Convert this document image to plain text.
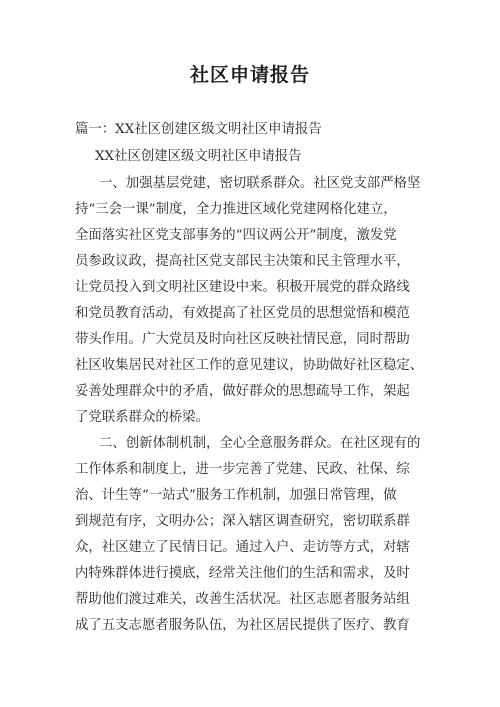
社区申请报告
篇一：XX社区创建区级文明社区申请报告
XX社区创建区级文明社区申请报告
一、加强基层党建，密切联系群众。社区党支部严格坚
持“三会一课”制度，全力推进区域化党建网格化建立，
全面落实社区党支部事务的“四议两公开”制度，激发党
员参政议政，提高社区党支部民主决策和民主管理水平，
让党员投入到文明社区建设中来。积极开展党的群众路线
和党员教育活动，有效提高了社区党员的思想觉悟和模范
带头作用。广大党员及时向社区反映社情民意，同时帮助
社区收集居民对社区工作的意见建议，协助做好社区稳定、
妥善处理群众中的矛盾，做好群众的思想疏导工作，架起
了党联系群众的桥梁。
二、创新体制机制，全心全意服务群众。在社区现有的
工作体系和制度上，进一步完善了党建、民政、社保、综
治、计生等“一站式”服务工作机制，加强日常管理，做
到规范有序，文明办公；深入辖区调查研究，密切联系群
众，社区建立了民情日记。通过入户、走访等方式，对辖
内特殊群体进行摸底，经常关注他们的生活和需求，及时
帮助他们渡过难关，改善生活状况。社区志愿者服务站组
成了五支志愿者服务队伍，为社区居民提供了医疗、教育
